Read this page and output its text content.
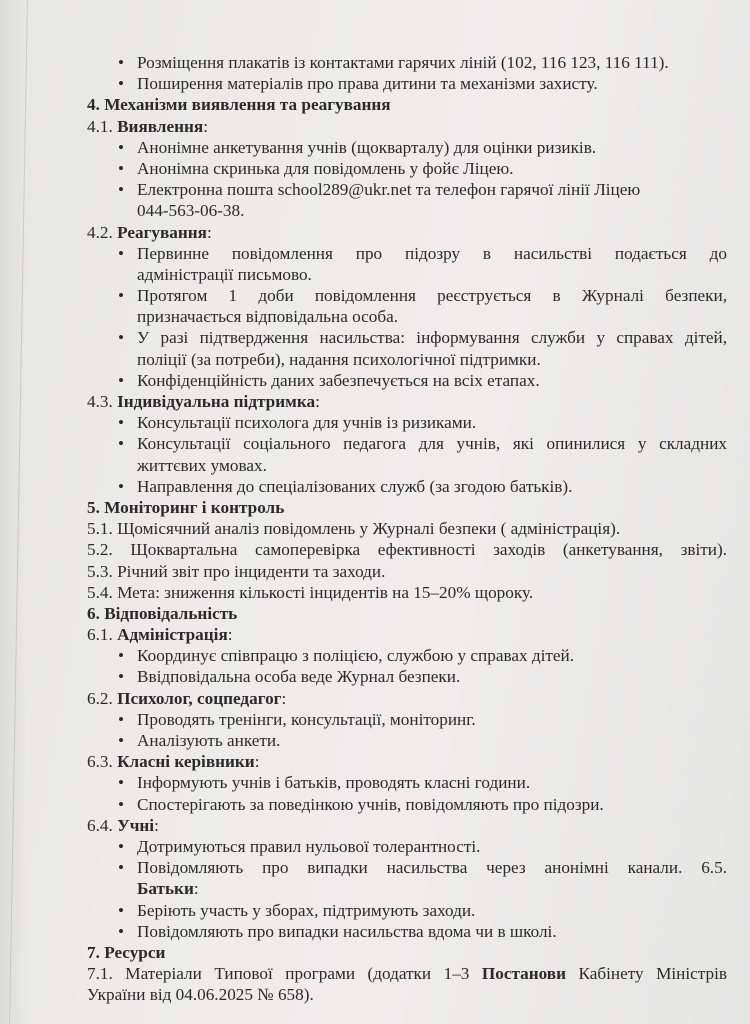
• Розміщення плакатів із контактами гарячих ліній (102, 116 123, 116 111).
• Поширення матеріалів про права дитини та механізми захисту.
4. Механізми виявлення та реагування
4.1. Виявлення:
• Анонімне анкетування учнів (щокварталу) для оцінки ризиків.
• Анонімна скринька для повідомлень у фойє Ліцею.
• Електронна пошта school289@ukr.net та телефон гарячої лінії Ліцею
044-563-06-38.
4.2. Реагування:
• Первинне повідомлення про підозру в насильстві подається до
адміністрації письмово.
• Протягом 1 доби повідомлення реєструється в Журналі безпеки,
призначається відповідальна особа.
• У разі підтвердження насильства: інформування служби у справах дітей,
поліції (за потреби), надання психологічної підтримки.
• Конфіденційність даних забезпечується на всіх етапах.
4.3. Індивідуальна підтримка:
• Консультації психолога для учнів із ризиками.
• Консультації соціального педагога для учнів, які опинилися у складних
життєвих умовах.
• Направлення до спеціалізованих служб (за згодою батьків).
5. Моніторинг і контроль
5.1. Щомісячний аналіз повідомлень у Журналі безпеки ( адміністрація).
5.2. Щоквартальна самоперевірка ефективності заходів (анкетування, звіти).
5.3. Річний звіт про інциденти та заходи.
5.4. Мета: зниження кількості інцидентів на 15–20% щороку.
6. Відповідальність
6.1. Адміністрація:
• Координує співпрацю з поліцією, службою у справах дітей.
• Ввідповідальна особа веде Журнал безпеки.
6.2. Психолог, соцпедагог:
• Проводять тренінги, консультації, моніторинг.
• Аналізують анкети.
6.3. Класні керівники:
• Інформують учнів і батьків, проводять класні години.
• Спостерігають за поведінкою учнів, повідомляють про підозри.
6.4. Учні:
• Дотримуються правил нульової толерантності.
• Повідомляють про випадки насильства через анонімні канали. 6.5.
Батьки:
• Беріють участь у зборах, підтримують заходи.
• Повідомляють про випадки насильства вдома чи в школі.
7. Ресурси
7.1. Матеріали Типової програми (додатки 1–3 Постанови Кабінету Міністрів
України від 04.06.2025 № 658).
